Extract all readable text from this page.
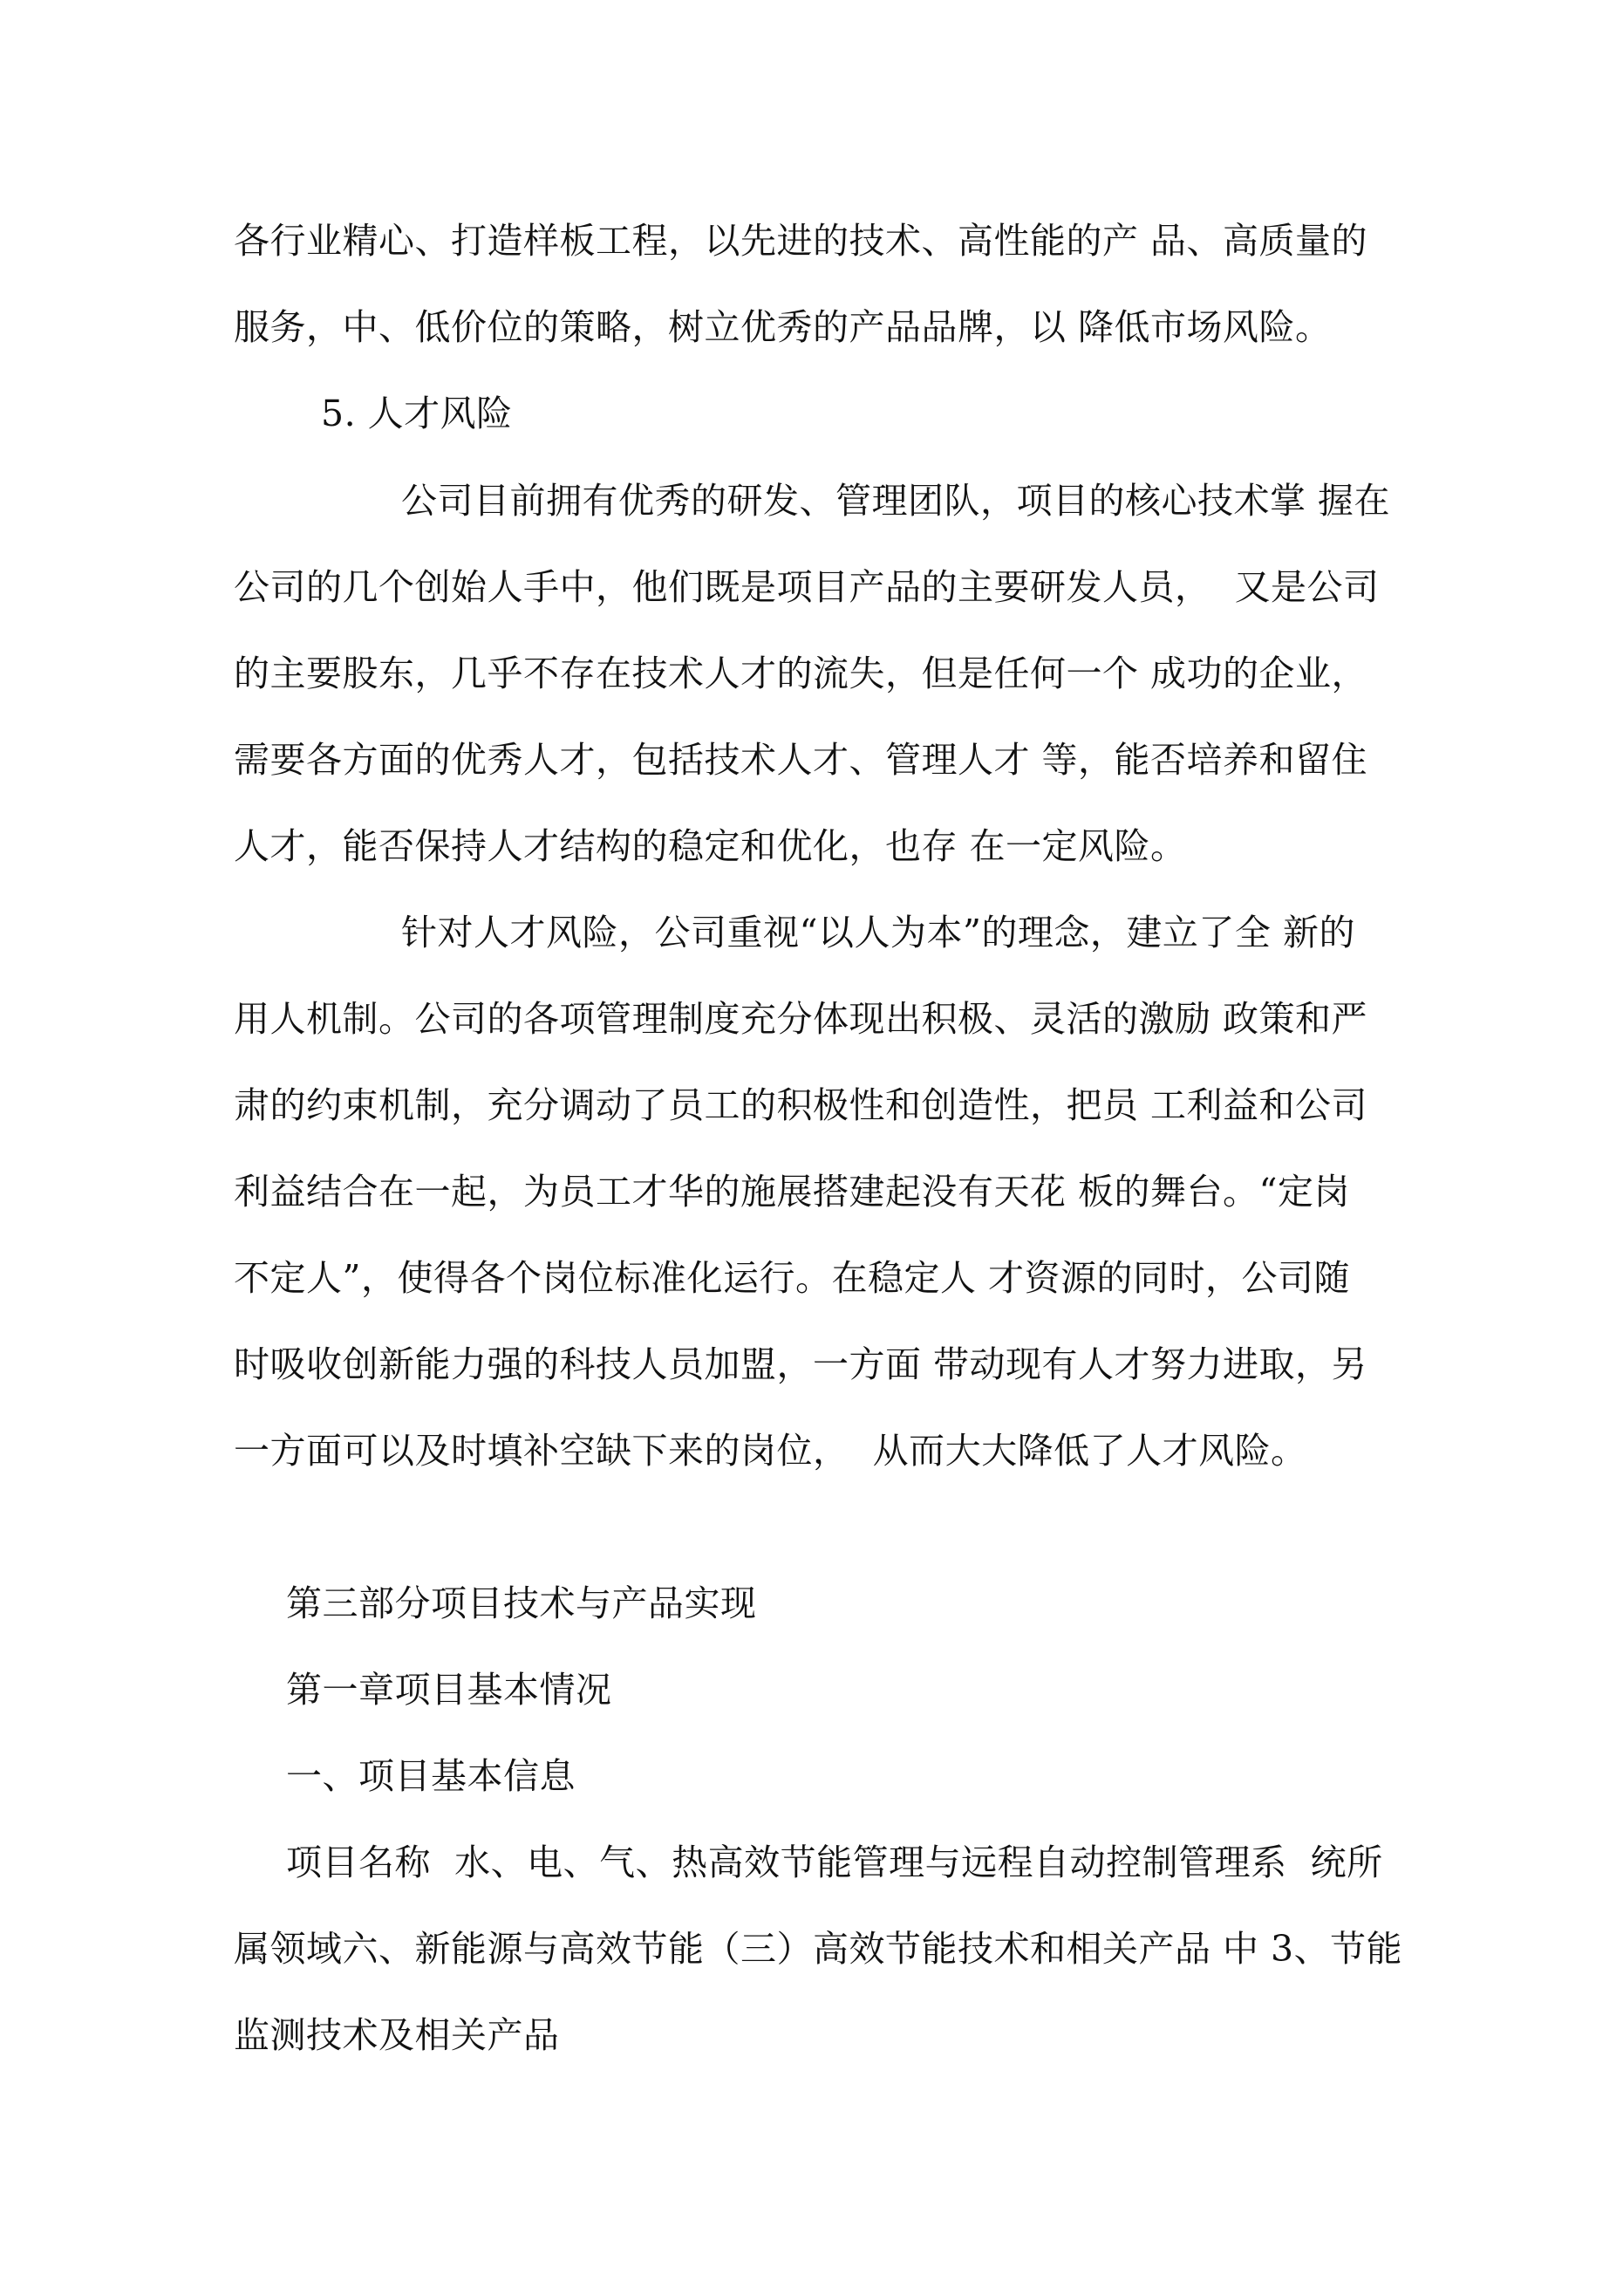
各行业精心、打造样板工程，以先进的技术、高性能的产 品、高质量的
服务，中、低价位的策略，树立优秀的产品品牌，以 降低市场风险。
5. 人才风险
公司目前拥有优秀的研发、管理团队，项目的核心技术掌 握在
公司的几个创始人手中，他们既是项目产品的主要研发人员，  又是公司
的主要股东，几乎不存在技术人才的流失，但是任何一个 成功的企业，
需要各方面的优秀人才，包括技术人才、管理人才 等，能否培养和留住
人才，能否保持人才结构的稳定和优化，也存 在一定风险。
针对人才风险，公司重视“以人为本”的理念，建立了全 新的
用人机制。公司的各项管理制度充分体现出积极、灵活的激励 政策和严
肃的约束机制，充分调动了员工的积极性和创造性，把员 工利益和公司
利益结合在一起，为员工才华的施展搭建起没有天花 板的舞台。“定岗
不定人”，使得各个岗位标准化运行。在稳定人 才资源的同时，公司随
时吸收创新能力强的科技人员加盟，一方面 带动现有人才努力进取，另
一方面可以及时填补空缺下来的岗位，  从而大大降低了人才风险。
第三部分项目技术与产品实现
第一章项目基本情况
一、项目基本信息
项目名称  水、电、气、热高效节能管理与远程自动控制管理系  统所
属领域六、新能源与高效节能（三）高效节能技术和相关产品 中 3、节能
监测技术及相关产品
